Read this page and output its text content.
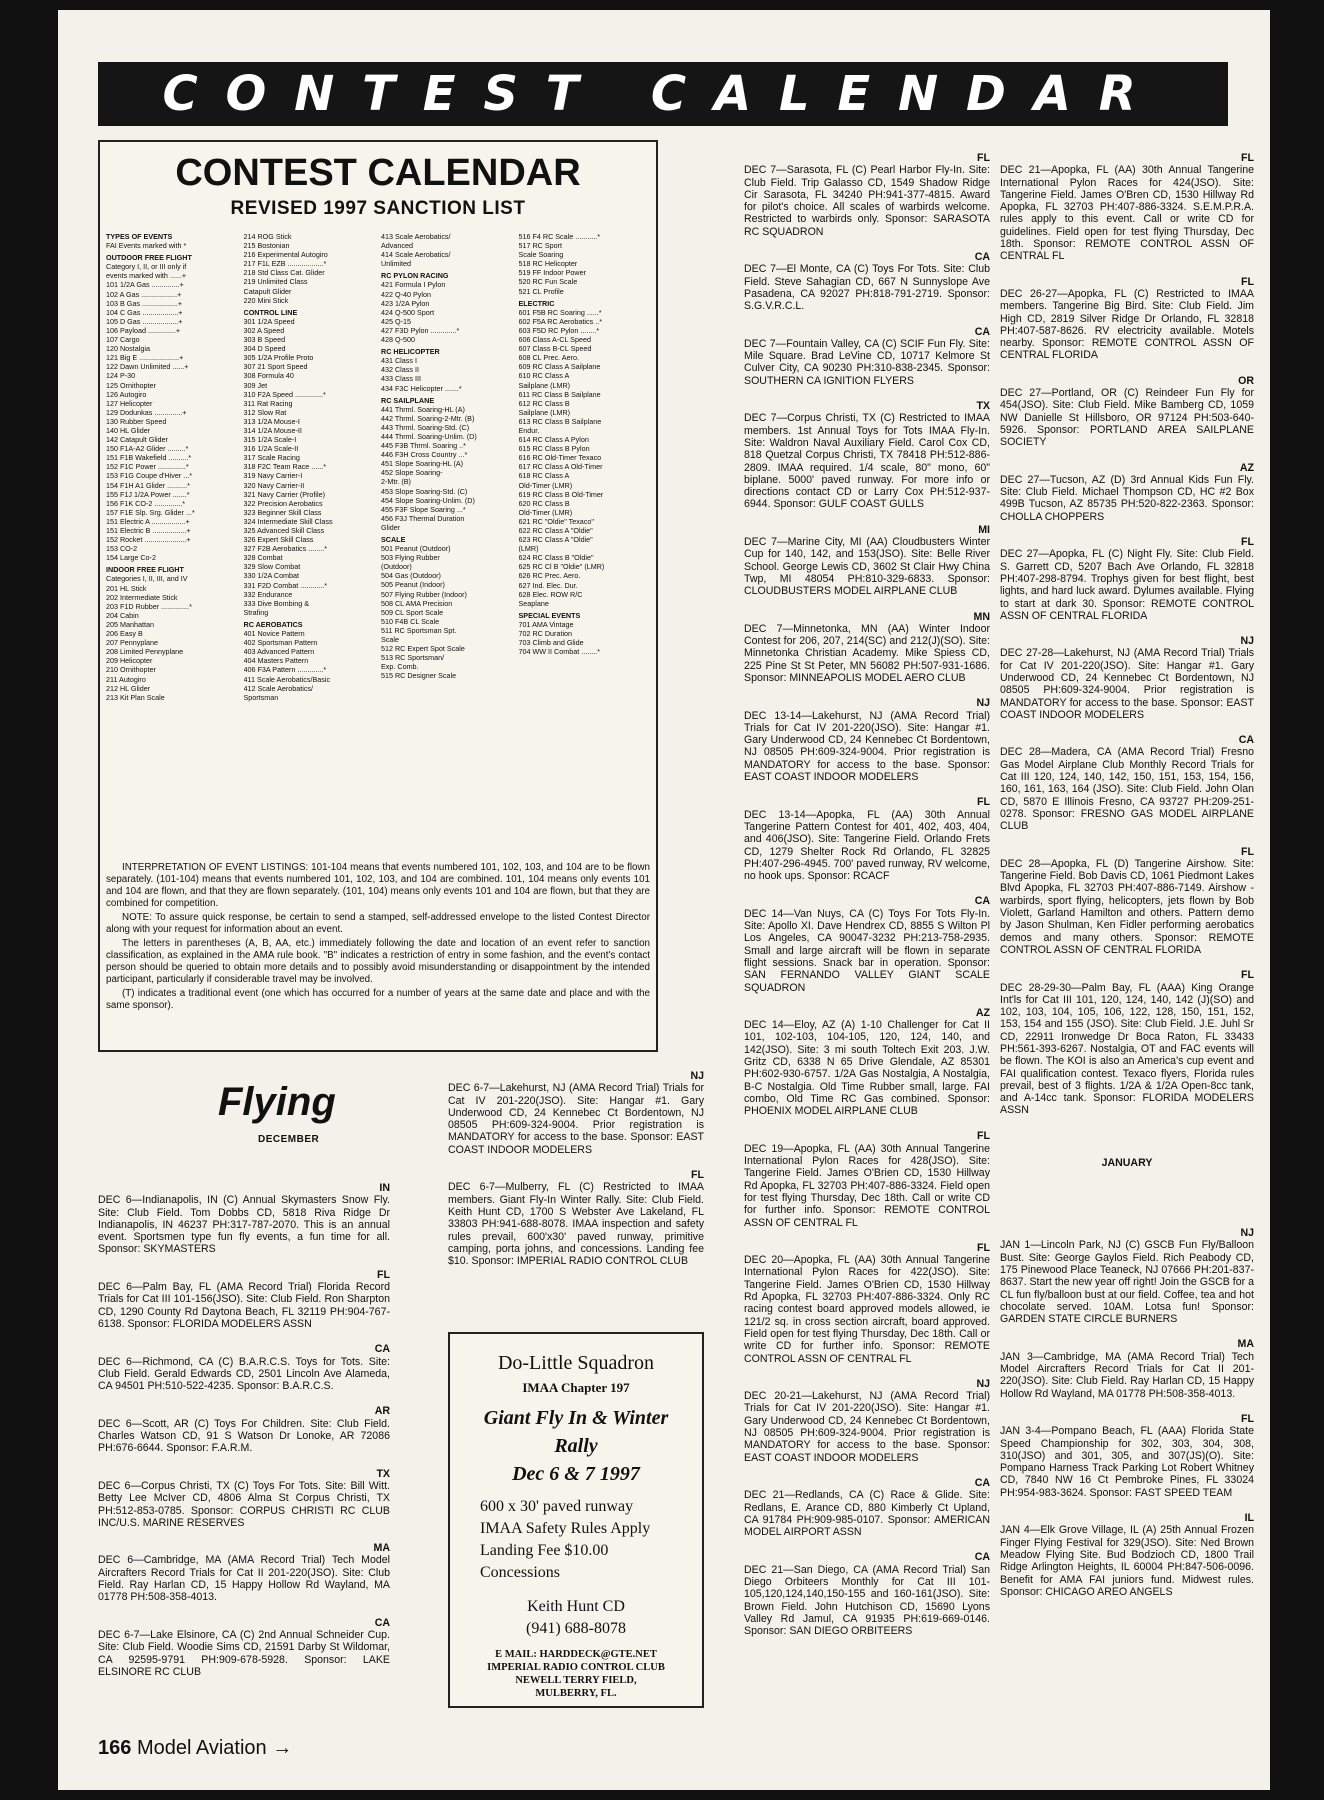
CONTEST CALENDAR
CONTEST CALENDAR
REVISED 1997 SANCTION LIST
TYPES OF EVENTS
FAI Events marked with *
OUTDOOR FREE FLIGHT
Category I, II, or III only if
events marked with ......+
101 1/2A Gas ..............+
102 A Gas ..................+
103 B Gas ..................+
104 C Gas ..................+
105 D Gas ..................+
106 Payload ..............+
107 Cargo
120 Nostalgia
121 Big E ....................+
122 Dawn Unlimited ......+
124 P-30
125 Ornithopter
126 Autogiro
127 Helicopter
129 Dodunkas ..............+
130 Rubber Speed
140 HL Glider
142 Catapult Glider
150 F1A-A2 Glider .........*
151 F1B Wakefield ..........*
152 F1C Power ..............*
153 F1G Coupe d'Hiver ...*
154 F1H A1 Glider ..........*
155 F1J 1/2A Power .......*
156 F1K CO-2 ..............*
157 F1E Slp. Srg. Glider ...*
151 Electric A .................+
151 Electric B .................+
152 Rocket .....................+
153 CO-2
154 Large Co-2
INDOOR FREE FLIGHT
Categories I, II, III, and IV
201 HL Stick
202 Intermediate Stick
203 F1D Rubber ..............*
204 Cabin
205 Manhattan
206 Easy B
207 Pennyplane
208 Limited Pennyplane
209 Helicopter
210 Ornithopter
211 Autogiro
212 HL Glider
213 Kit Plan Scale
214 ROG Stick
215 Bostonian
216 Experimental Autogiro
217 F1L EZB ..................*
218 Std Class Cat. Glider
219 Unlimited Class
Catapult Glider
220 Mini Stick
CONTROL LINE
301 1/2A Speed
302 A Speed
303 B Speed
304 D Speed
305 1/2A Profile Proto
307 21 Sport Speed
308 Formula 40
309 Jet
310 F2A Speed ..............*
311 Rat Racing
312 Slow Rat
313 1/2A Mouse-I
314 1/2A Mouse-II
315 1/2A Scale-I
316 1/2A Scale-II
317 Scale Racing
318 F2C Team Race ......*
319 Navy Carrier-I
320 Navy Carrier-II
321 Navy Carrier (Profile)
322 Precision Aerobatics
323 Beginner Skill Class
324 Intermediate Skill Class
325 Advanced Skill Class
326 Expert Skill Class
327 F2B Aerobatics ........*
328 Combat
329 Slow Combat
330 1/2A Combat
331 F2D Combat ............*
332 Endurance
333 Dive Bombing &
Strafing
RC AEROBATICS
401 Novice Pattern
402 Sportsman Pattern
403 Advanced Pattern
404 Masters Pattern
406 F3A Pattern .............*
411 Scale Aerobatics/Basic
412 Scale Aerobatics/
Sportsman
413 Scale Aerobatics/
Advanced
414 Scale Aerobatics/
Unlimited
RC PYLON RACING
421 Formula I Pylon
422 Q-40 Pylon
423 1/2A Pylon
424 Q-500 Sport
425 Q-15
427 F3D Pylon .............*
428 Q-500
RC HELICOPTER
431 Class I
432 Class II
433 Class III
434 F3C Helicopter .......*
RC SAILPLANE
441 Thrml. Soaring-HL (A)
442 Thrml. Soaring-2-Mtr. (B)
443 Thrml. Soaring-Std. (C)
444 Thrml. Soaring-Unlim. (D)
445 F3B Thrml. Soaring ..*
446 F3H Cross Country ...*
451 Slope Soaring-HL (A)
452 Slope Soaring-
2-Mtr. (B)
453 Slope Soaring-Std. (C)
454 Slope Soaring-Unlim. (D)
455 F3F Slope Soaring ...*
456 F3J Thermal Duration
Glider
SCALE
501 Peanut (Outdoor)
503 Flying Rubber
(Outdoor)
504 Gas (Outdoor)
505 Peanut (Indoor)
507 Flying Rubber (Indoor)
508 CL AMA Precision
509 CL Sport Scale
510 F4B CL Scale
511 RC Sportsman Spt.
Scale
512 RC Expert Spot Scale
513 RC Sportsman/
Exp. Comb.
515 RC Designer Scale
516 F4 RC Scale ...........*
517 RC Sport
Scale Soaring
518 RC Helicopter
519 FF Indoor Power
520 RC Fun Scale
521 CL Profile
ELECTRIC
601 F5B RC Soaring ......*
602 F5A RC Aerobatics ..*
603 F5D RC Pylon ........*
606 Class A-CL Speed
607 Class B-CL Speed
608 CL Prec. Aero.
609 RC Class A Sailplane
610 RC Class A
Sailplane (LMR)
611 RC Class B Sailplane
612 RC Class B
Sailplane (LMR)
613 RC Class B Sailplane
Endur.
614 RC Class A Pylon
615 RC Class B Pylon
616 RC Old-Timer Texaco
617 RC Class A Old-Timer
618 RC Class A
Old-Timer (LMR)
619 RC Class B Old-Timer
620 RC Class B
Old-Timer (LMR)
621 RC "Oldie" Texaco"
622 RC Class A "Oldie"
623 RC Class A "Oldie"
(LMR)
624 RC Class B "Oldie"
625 RC Cl B "Oldie" (LMR)
626 RC Prec. Aero.
627 Ind. Elec. Dur.
628 Elec. ROW R/C
Seaplane
SPECIAL EVENTS
701 AMA Vintage
702 RC Duration
703 Climb and Glide
704 WW II Combat ........*

INTERPRETATION OF EVENT LISTINGS: 101-104 means that events numbered 101, 102, 103, and 104 are to be flown separately. (101-104) means that events numbered 101, 102, 103, and 104 are combined. 101, 104 means only events 101 and 104 are flown, and that they are flown separately. (101, 104) means only events 101 and 104 are flown, but that they are combined for competition.

NOTE: To assure quick response, be certain to send a stamped, self-addressed envelope to the listed Contest Director along with your request for information about an event.

The letters in parentheses (A, B, AA, etc.) immediately following the date and location of an event refer to sanction classification, as explained in the AMA rule book. "B" indicates a restriction of entry in some fashion, and the event's contact person should be queried to obtain more details and to possibly avoid misunderstanding or disappointment by the intended participant, particularly if considerable travel may be involved.

(T) indicates a traditional event (one which has occurred for a number of years at the same date and place and with the same sponsor).

Flying
DECEMBER
IN

DEC 6—Indianapolis, IN (C) Annual Skymasters Snow Fly. Site: Club Field. Tom Dobbs CD, 5818 Riva Ridge Dr Indianapolis, IN 46237 PH:317-787-2070. This is an annual event. Sportsmen type fun fly events, a fun time for all. Sponsor: SKYMASTERS

FL

DEC 6—Palm Bay, FL (AMA Record Trial) Florida Record Trials for Cat III 101-156(JSO). Site: Club Field. Ron Sharpton CD, 1290 County Rd Daytona Beach, FL 32119 PH:904-767-6138. Sponsor: FLORIDA MODELERS ASSN

CA

DEC 6—Richmond, CA (C) B.A.R.C.S. Toys for Tots. Site: Club Field. Gerald Edwards CD, 2501 Lincoln Ave Alameda, CA 94501 PH:510-522-4235. Sponsor: B.A.R.C.S.

AR

DEC 6—Scott, AR (C) Toys For Children. Site: Club Field. Charles Watson CD, 91 S Watson Dr Lonoke, AR 72086 PH:676-6644. Sponsor: F.A.R.M.

TX

DEC 6—Corpus Christi, TX (C) Toys For Tots. Site: Bill Witt. Betty Lee McIver CD, 4806 Alma St Corpus Christi, TX PH:512-853-0785. Sponsor: CORPUS CHRISTI RC CLUB INC/U.S. MARINE RESERVES

MA

DEC 6—Cambridge, MA (AMA Record Trial) Tech Model Aircrafters Record Trials for Cat II 201-220(JSO). Site: Club Field. Ray Harlan CD, 15 Happy Hollow Rd Wayland, MA 01778 PH:508-358-4013.

CA

DEC 6-7—Lake Elsinore, CA (C) 2nd Annual Schneider Cup. Site: Club Field. Woodie Sims CD, 21591 Darby St Wildomar, CA 92595-9791 PH:909-678-5928. Sponsor: LAKE ELSINORE RC CLUB

NJ

DEC 6-7—Lakehurst, NJ (AMA Record Trial) Trials for Cat IV 201-220(JSO). Site: Hangar #1. Gary Underwood CD, 24 Kennebec Ct Bordentown, NJ 08505 PH:609-324-9004. Prior registration is MANDATORY for access to the base. Sponsor: EAST COAST INDOOR MODELERS

FL

DEC 6-7—Mulberry, FL (C) Restricted to IMAA members. Giant Fly-In Winter Rally. Site: Club Field. Keith Hunt CD, 1700 S Webster Ave Lakeland, FL 33803 PH:941-688-8078. IMAA inspection and safety rules prevail, 600'x30' paved runway, primitive camping, porta johns, and concessions. Landing fee $10. Sponsor: IMPERIAL RADIO CONTROL CLUB

Do-Little Squadron
IMAA Chapter 197
Giant Fly In & Winter
Rally
Dec 6 & 7 1997
600 x 30' paved runway
IMAA Safety Rules Apply
Landing Fee $10.00
Concessions
Keith Hunt CD
(941) 688-8078
E MAIL: HARDDECK@GTE.NET
IMPERIAL RADIO CONTROL CLUB
NEWELL TERRY FIELD,
MULBERRY, FL.
FL

DEC 7—Sarasota, FL (C) Pearl Harbor Fly-In. Site: Club Field. Trip Galasso CD, 1549 Shadow Ridge Cir Sarasota, FL 34240 PH:941-377-4815. Award for pilot's choice. All scales of warbirds welcome. Restricted to warbirds only. Sponsor: SARASOTA RC SQUADRON

CA

DEC 7—El Monte, CA (C) Toys For Tots. Site: Club Field. Steve Sahagian CD, 667 N Sunnyslope Ave Pasadena, CA 92027 PH:818-791-2719. Sponsor: S.G.V.R.C.L.

CA

DEC 7—Fountain Valley, CA (C) SCIF Fun Fly. Site: Mile Square. Brad LeVine CD, 10717 Kelmore St Culver City, CA 90230 PH:310-838-2345. Sponsor: SOUTHERN CA IGNITION FLYERS

TX

DEC 7—Corpus Christi, TX (C) Restricted to IMAA members. 1st Annual Toys for Tots IMAA Fly-In. Site: Waldron Naval Auxiliary Field. Carol Cox CD, 818 Quetzal Corpus Christi, TX 78418 PH:512-886-2809. IMAA required. 1/4 scale, 80" mono, 60" biplane. 5000' paved runway. For more info or directions contact CD or Larry Cox PH:512-937-6944. Sponsor: GULF COAST GULLS

MI

DEC 7—Marine City, MI (AA) Cloudbusters Winter Cup for 140, 142, and 153(JSO). Site: Belle River School. George Lewis CD, 3602 St Clair Hwy China Twp, MI 48054 PH:810-329-6833. Sponsor: CLOUDBUSTERS MODEL AIRPLANE CLUB

MN

DEC 7—Minnetonka, MN (AA) Winter Indoor Contest for 206, 207, 214(SC) and 212(J)(SO). Site: Minnetonka Christian Academy. Mike Spiess CD, 225 Pine St St Peter, MN 56082 PH:507-931-1686. Sponsor: MINNEAPOLIS MODEL AERO CLUB

NJ

DEC 13-14—Lakehurst, NJ (AMA Record Trial) Trials for Cat IV 201-220(JSO). Site: Hangar #1. Gary Underwood CD, 24 Kennebec Ct Bordentown, NJ 08505 PH:609-324-9004. Prior registration is MANDATORY for access to the base. Sponsor: EAST COAST INDOOR MODELERS

FL

DEC 13-14—Apopka, FL (AA) 30th Annual Tangerine Pattern Contest for 401, 402, 403, 404, and 406(JSO). Site: Tangerine Field. Orlando Frets CD, 1279 Shelter Rock Rd Orlando, FL 32825 PH:407-296-4945. 700' paved runway, RV welcome, no hook ups. Sponsor: RCACF

CA

DEC 14—Van Nuys, CA (C) Toys For Tots Fly-In. Site: Apollo XI. Dave Hendrex CD, 8855 S Wilton Pl Los Angeles, CA 90047-3232 PH:213-758-2935. Small and large aircraft will be flown in separate flight sessions. Snack bar in operation. Sponsor: SAN FERNANDO VALLEY GIANT SCALE SQUADRON

AZ

DEC 14—Eloy, AZ (A) 1-10 Challenger for Cat II 101, 102-103, 104-105, 120, 124, 140, and 142(JSO). Site: 3 mi south Toltech Exit 203. J.W. Gritz CD, 6338 N 65 Drive Glendale, AZ 85301 PH:602-930-6757. 1/2A Gas Nostalgia, A Nostalgia, B-C Nostalgia. Old Time Rubber small, large. FAI combo, Old Time RC Gas combined. Sponsor: PHOENIX MODEL AIRPLANE CLUB

FL

DEC 19—Apopka, FL (AA) 30th Annual Tangerine International Pylon Races for 428(JSO). Site: Tangerine Field. James O'Brien CD, 1530 Hillway Rd Apopka, FL 32703 PH:407-886-3324. Field open for test flying Thursday, Dec 18th. Call or write CD for further info. Sponsor: REMOTE CONTROL ASSN OF CENTRAL FL

FL

DEC 20—Apopka, FL (AA) 30th Annual Tangerine International Pylon Races for 422(JSO). Site: Tangerine Field. James O'Brien CD, 1530 Hillway Rd Apopka, FL 32703 PH:407-886-3324. Only RC racing contest board approved models allowed, ie 121/2 sq. in cross section aircraft, board approved. Field open for test flying Thursday, Dec 18th. Call or write CD for further info. Sponsor: REMOTE CONTROL ASSN OF CENTRAL FL

NJ

DEC 20-21—Lakehurst, NJ (AMA Record Trial) Trials for Cat IV 201-220(JSO). Site: Hangar #1. Gary Underwood CD, 24 Kennebec Ct Bordentown, NJ 08505 PH:609-324-9004. Prior registration is MANDATORY for access to the base. Sponsor: EAST COAST INDOOR MODELERS

CA

DEC 21—Redlands, CA (C) Race & Glide. Site: Redlans, E. Arance CD, 880 Kimberly Ct Upland, CA 91784 PH:909-985-0107. Sponsor: AMERICAN MODEL AIRPORT ASSN

CA

DEC 21—San Diego, CA (AMA Record Trial) San Diego Orbiteers Monthly for Cat III 101-105,120,124,140,150-155 and 160-161(JSO). Site: Brown Field. John Hutchison CD, 15690 Lyons Valley Rd Jamul, CA 91935 PH:619-669-0146. Sponsor: SAN DIEGO ORBITEERS

FL

DEC 21—Apopka, FL (AA) 30th Annual Tangerine International Pylon Races for 424(JSO). Site: Tangerine Field. James O'Bren CD, 1530 Hillway Rd Apopka, FL 32703 PH:407-886-3324. S.E.M.P.R.A. rules apply to this event. Call or write CD for guidelines. Field open for test flying Thursday, Dec 18th. Sponsor: REMOTE CONTROL ASSN OF CENTRAL FL

FL

DEC 26-27—Apopka, FL (C) Restricted to IMAA members. Tangerine Big Bird. Site: Club Field. Jim High CD, 2819 Silver Ridge Dr Orlando, FL 32818 PH:407-587-8626. RV electricity available. Motels nearby. Sponsor: REMOTE CONTROL ASSN OF CENTRAL FLORIDA

OR

DEC 27—Portland, OR (C) Reindeer Fun Fly for 454(JSO). Site: Club Field. Mike Bamberg CD, 1059 NW Danielle St Hillsboro, OR 97124 PH:503-640-5926. Sponsor: PORTLAND AREA SAILPLANE SOCIETY

AZ

DEC 27—Tucson, AZ (D) 3rd Annual Kids Fun Fly. Site: Club Field. Michael Thompson CD, HC #2 Box 499B Tucson, AZ 85735 PH:520-822-2363. Sponsor: CHOLLA CHOPPERS

FL

DEC 27—Apopka, FL (C) Night Fly. Site: Club Field. S. Garrett CD, 5207 Bach Ave Orlando, FL 32818 PH:407-298-8794. Trophys given for best flight, best lights, and hard luck award. Dylumes available. Flying to start at dark 30. Sponsor: REMOTE CONTROL ASSN OF CENTRAL FLORIDA

NJ

DEC 27-28—Lakehurst, NJ (AMA Record Trial) Trials for Cat IV 201-220(JSO). Site: Hangar #1. Gary Underwood CD, 24 Kennebec Ct Bordentown, NJ 08505 PH:609-324-9004. Prior registration is MANDATORY for access to the base. Sponsor: EAST COAST INDOOR MODELERS

CA

DEC 28—Madera, CA (AMA Record Trial) Fresno Gas Model Airplane Club Monthly Record Trials for Cat III 120, 124, 140, 142, 150, 151, 153, 154, 156, 160, 161, 163, 164 (JSO). Site: Club Field. John Olan CD, 5870 E Illinois Fresno, CA 93727 PH:209-251-0278. Sponsor: FRESNO GAS MODEL AIRPLANE CLUB

FL

DEC 28—Apopka, FL (D) Tangerine Airshow. Site: Tangerine Field. Bob Davis CD, 1061 Piedmont Lakes Blvd Apopka, FL 32703 PH:407-886-7149. Airshow - warbirds, sport flying, helicopters, jets flown by Bob Violett, Garland Hamilton and others. Pattern demo by Jason Shulman, Ken Fidler performing aerobatics demos and many others. Sponsor: REMOTE CONTROL ASSN OF CENTRAL FLORIDA

FL

DEC 28-29-30—Palm Bay, FL (AAA) King Orange Int'ls for Cat III 101, 120, 124, 140, 142 (J)(SO) and 102, 103, 104, 105, 106, 122, 128, 150, 151, 152, 153, 154 and 155 (JSO). Site: Club Field. J.E. Juhl Sr CD, 22911 Ironwedge Dr Boca Raton, FL 33433 PH:561-393-6267. Nostalgia, OT and FAC events will be flown. The KOI is also an America's cup event and FAI qualification contest. Texaco flyers, Florida rules prevail, best of 3 flights. 1/2A & 1/2A Open-8cc tank, and A-14cc tank. Sponsor: FLORIDA MODELERS ASSN

JANUARY
NJ

JAN 1—Lincoln Park, NJ (C) GSCB Fun Fly/Balloon Bust. Site: George Gaylos Field. Rich Peabody CD, 175 Pinewood Place Teaneck, NJ 07666 PH:201-837-8637. Start the new year off right! Join the GSCB for a CL fun fly/balloon bust at our field. Coffee, tea and hot chocolate served. 10AM. Lotsa fun! Sponsor: GARDEN STATE CIRCLE BURNERS

MA

JAN 3—Cambridge, MA (AMA Record Trial) Tech Model Aircrafters Record Trials for Cat II 201-220(JSO). Site: Club Field. Ray Harlan CD, 15 Happy Hollow Rd Wayland, MA 01778 PH:508-358-4013.

FL

JAN 3-4—Pompano Beach, FL (AAA) Florida State Speed Championship for 302, 303, 304, 308, 310(JSO) and 301, 305, and 307(JS)(O). Site: Pompano Harness Track Parking Lot Robert Whitney CD, 7840 NW 16 Ct Pembroke Pines, FL 33024 PH:954-983-3624. Sponsor: FAST SPEED TEAM

IL

JAN 4—Elk Grove Village, IL (A) 25th Annual Frozen Finger Flying Festival for 329(JSO). Site: Ned Brown Meadow Flying Site. Bud Bodzioch CD, 1800 Trail Ridge Arlington Heights, IL 60004 PH:847-506-0096. Benefit for AMA FAI juniors fund. Midwest rules. Sponsor: CHICAGO AREO ANGELS

166 Model Aviation →
